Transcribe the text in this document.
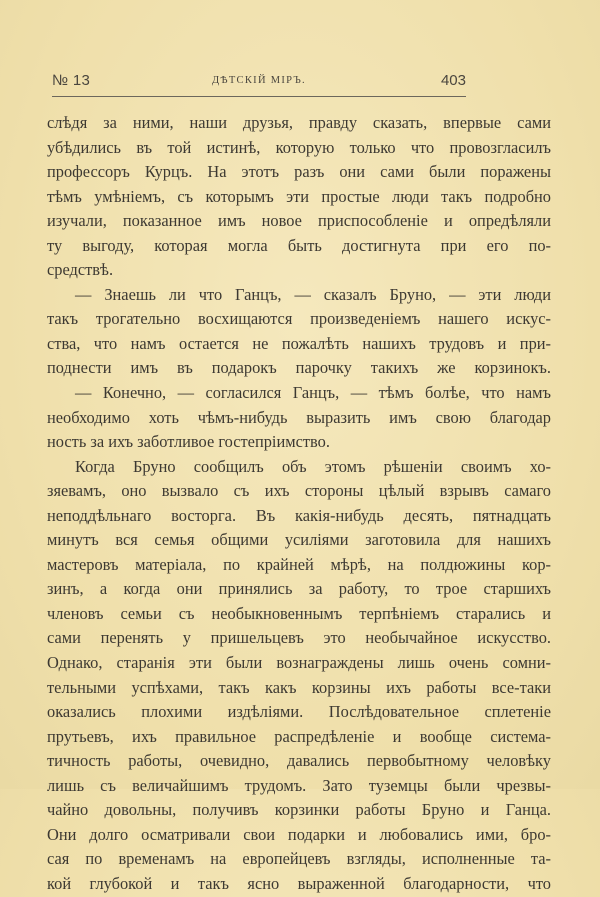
№ 13	ДѢТСКІЙ МІРЪ.	403
слѣдя за ними, наши друзья, правду сказать, впервые сами
убѣдились въ той истинѣ, которую только что провозгласилъ
профессоръ Курцъ. На этотъ разъ они сами были поражены
тѣмъ умѣніемъ, съ которымъ эти простые люди такъ подробно
изучали, показанное имъ новое приспособленіе и опредѣляли
ту выгоду, которая могла быть достигнута при его по-
средствѣ.
— Знаешь ли что Ганцъ, — сказалъ Бруно, — эти люди
такъ трогательно восхищаются произведеніемъ нашего искус-
ства, что намъ остается не пожалѣть нашихъ трудовъ и при-
поднести имъ въ подарокъ парочку такихъ же корзинокъ.
— Конечно, — согласился Ганцъ, — тѣмъ болѣе, что намъ
необходимо хоть чѣмъ-нибудь выразить имъ свою благодар
ность за ихъ заботливое гостепріимство.
Когда Бруно сообщилъ объ этомъ рѣшеніи своимъ хо-
зяевамъ, оно вызвало съ ихъ стороны цѣлый взрывъ самаго
неподдѣльнаго восторга. Въ какія-нибудь десять, пятнадцать
минутъ вся семья общими усиліями заготовила для нашихъ
мастеровъ матеріала, по крайней мѣрѣ, на полдюжины кор-
зинъ, а когда они принялись за работу, то трое старшихъ
членовъ семьи съ необыкновеннымъ терпѣніемъ старались и
сами перенять у пришельцевъ это необычайное искусство.
Однако, старанія эти были вознаграждены лишь очень сомни-
тельными успѣхами, такъ какъ корзины ихъ работы все-таки
оказались плохими издѣліями. Послѣдовательное сплетеніе
прутьевъ, ихъ правильное распредѣленіе и вообще система-
тичность работы, очевидно, давались первобытному человѣку
лишь съ величайшимъ трудомъ. Зато туземцы были чрезвы-
чайно довольны, получивъ корзинки работы Бруно и Ганца.
Они долго осматривали свои подарки и любовались ими, бро-
сая по временамъ на европейцевъ взгляды, исполненные та-
кой глубокой и такъ ясно выраженной благодарности, что
